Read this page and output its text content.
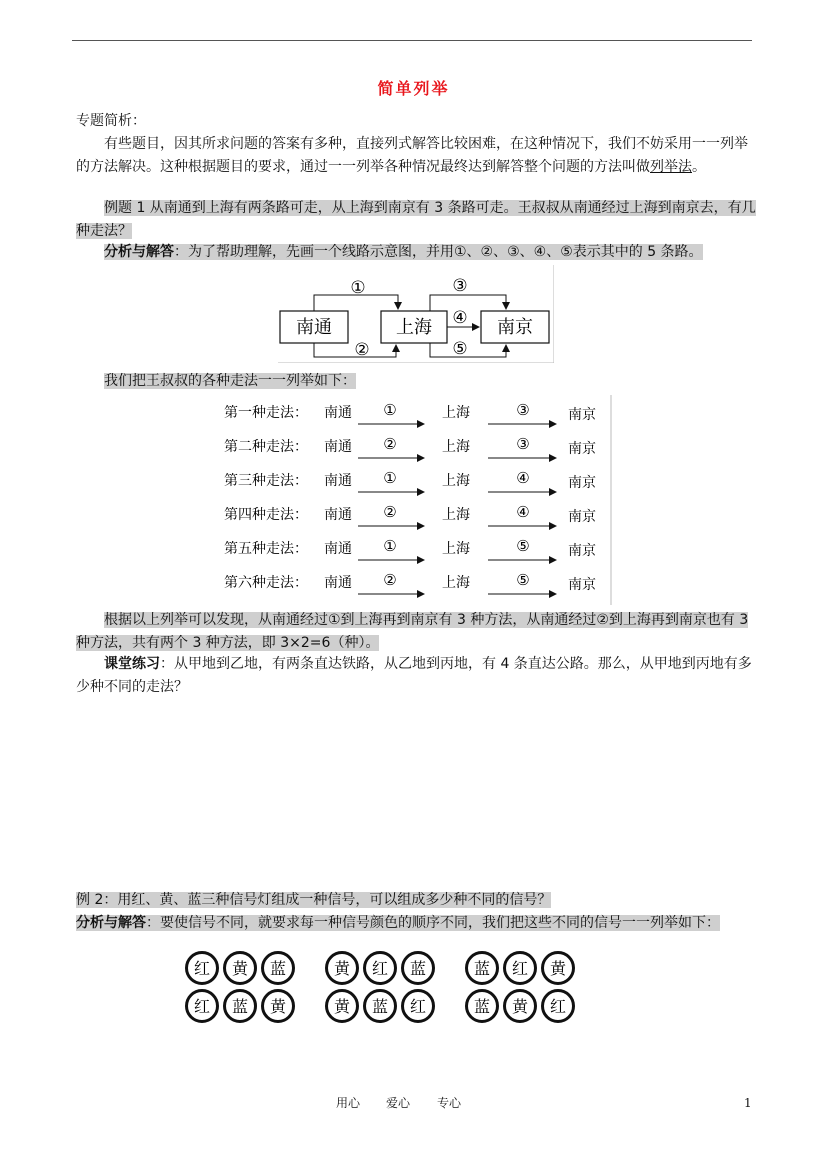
简单列举
专题简析：
有些题目，因其所求问题的答案有多种，直接列式解答比较困难，在这种情况下，我们不妨采用一一列举的方法解决。这种根据题目的要求，通过一一列举各种情况最终达到解答整个问题的方法叫做列举法。
例题 1 从南通到上海有两条路可走，从上海到南京有 3 条路可走。王叔叔从南通经过上海到南京去，有几种走法？
分析与解答：为了帮助理解，先画一个线路示意图，并用①、②、③、④、⑤表示其中的 5 条路。
南通	上海	南京
①
②
③
④
⑤
我们把王叔叔的各种走法一一列举如下：
第一种走法： 南通 ①	上海	③	南京
第二种走法： 南通 ②	上海	③	南京
第三种走法： 南通 ①	上海	④	南京
第四种走法： 南通 ②	上海	④	南京
第五种走法： 南通 ①	上海	⑤	南京
第六种走法： 南通 ②	上海	⑤	南京
根据以上列举可以发现，从南通经过①到上海再到南京有 3 种方法，从南通经过②到上海再到南京也有 3 种方法，共有两个 3 种方法，即 3×2=6（种）。
课堂练习：从甲地到乙地，有两条直达铁路，从乙地到丙地，有 4 条直达公路。那么，从甲地到丙地有多少种不同的走法？
例 2：用红、黄、蓝三种信号灯组成一种信号，可以组成多少种不同的信号？
分析与解答：要使信号不同，就要求每一种信号颜色的顺序不同，我们把这些不同的信号一一列举如下：
红 黄 蓝	黄 红 蓝	蓝 红 黄
红 蓝 黄	黄 蓝 红	蓝 黄 红
用心 爱心 专心	1
